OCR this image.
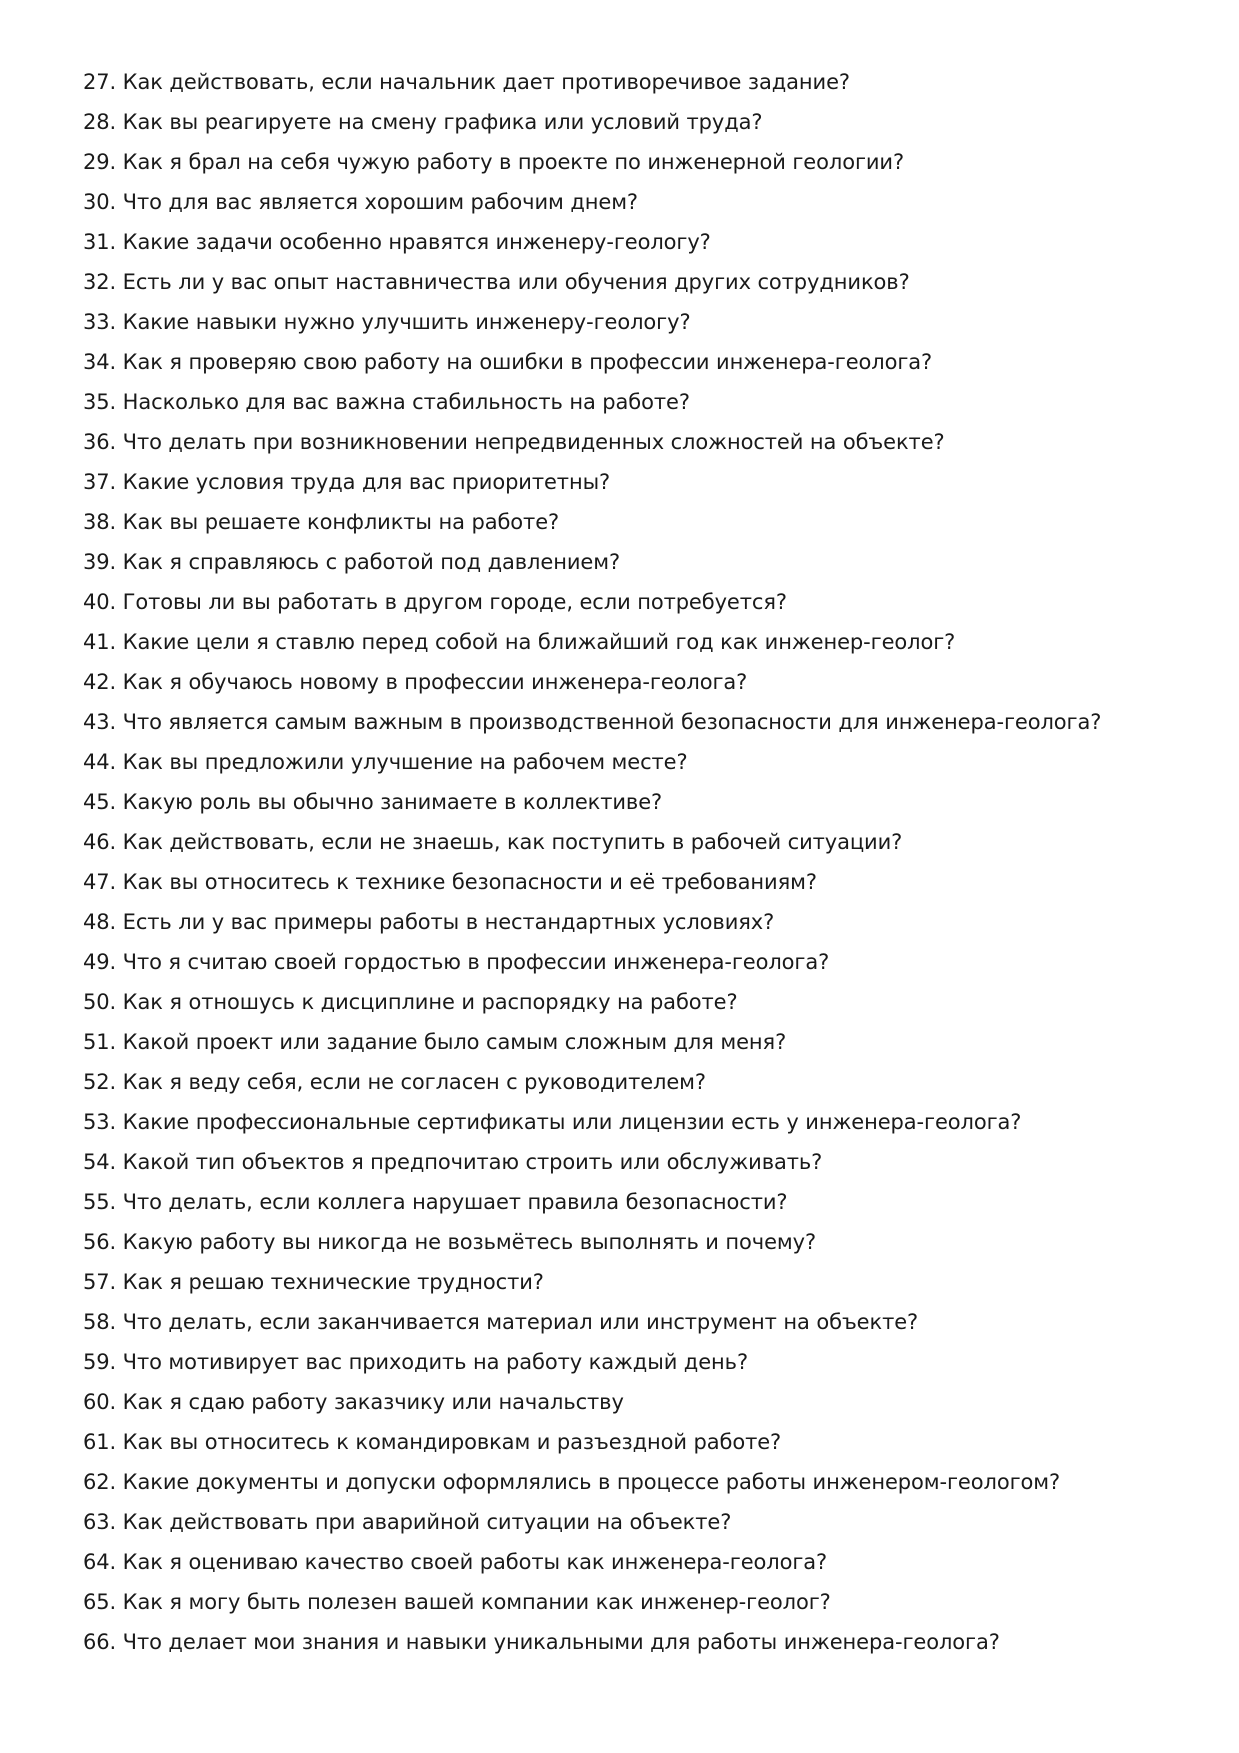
27. Как действовать, если начальник дает противоречивое задание?
28. Как вы реагируете на смену графика или условий труда?
29. Как я брал на себя чужую работу в проекте по инженерной геологии?
30. Что для вас является хорошим рабочим днем?
31. Какие задачи особенно нравятся инженеру-геологу?
32. Есть ли у вас опыт наставничества или обучения других сотрудников?
33. Какие навыки нужно улучшить инженеру-геологу?
34. Как я проверяю свою работу на ошибки в профессии инженера-геолога?
35. Насколько для вас важна стабильность на работе?
36. Что делать при возникновении непредвиденных сложностей на объекте?
37. Какие условия труда для вас приоритетны?
38. Как вы решаете конфликты на работе?
39. Как я справляюсь с работой под давлением?
40. Готовы ли вы работать в другом городе, если потребуется?
41. Какие цели я ставлю перед собой на ближайший год как инженер-геолог?
42. Как я обучаюсь новому в профессии инженера-геолога?
43. Что является самым важным в производственной безопасности для инженера-геолога?
44. Как вы предложили улучшение на рабочем месте?
45. Какую роль вы обычно занимаете в коллективе?
46. Как действовать, если не знаешь, как поступить в рабочей ситуации?
47. Как вы относитесь к технике безопасности и её требованиям?
48. Есть ли у вас примеры работы в нестандартных условиях?
49. Что я считаю своей гордостью в профессии инженера-геолога?
50. Как я отношусь к дисциплине и распорядку на работе?
51. Какой проект или задание было самым сложным для меня?
52. Как я веду себя, если не согласен с руководителем?
53. Какие профессиональные сертификаты или лицензии есть у инженера-геолога?
54. Какой тип объектов я предпочитаю строить или обслуживать?
55. Что делать, если коллега нарушает правила безопасности?
56. Какую работу вы никогда не возьмётесь выполнять и почему?
57. Как я решаю технические трудности?
58. Что делать, если заканчивается материал или инструмент на объекте?
59. Что мотивирует вас приходить на работу каждый день?
60. Как я сдаю работу заказчику или начальству
61. Как вы относитесь к командировкам и разъездной работе?
62. Какие документы и допуски оформлялись в процессе работы инженером-геологом?
63. Как действовать при аварийной ситуации на объекте?
64. Как я оцениваю качество своей работы как инженера-геолога?
65. Как я могу быть полезен вашей компании как инженер-геолог?
66. Что делает мои знания и навыки уникальными для работы инженера-геолога?
